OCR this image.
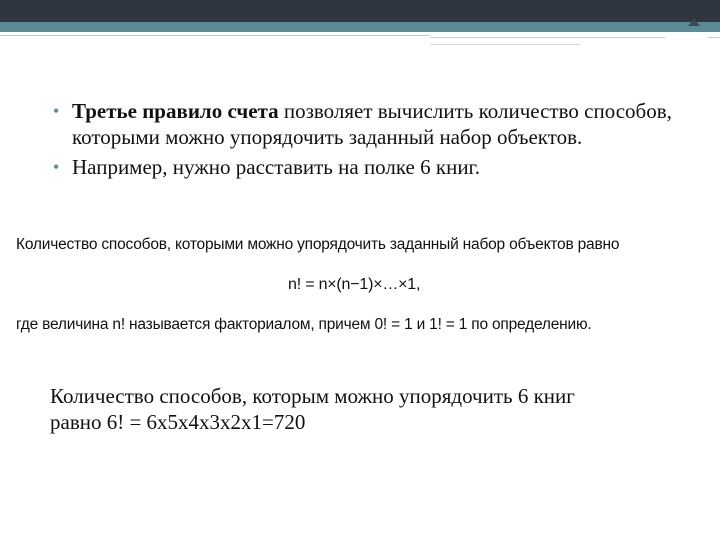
• Третье правило счета позволяет вычислить количество способов, которыми можно упорядочить заданный набор объектов.
• Например, нужно расставить на полке 6 книг.
Количество способов, которыми можно упорядочить заданный набор объектов равно
n! = n×(n−1)×…×1,
где величина n! называется факториалом, причем 0! = 1 и 1! = 1 по определению.
Количество способов, которым можно упорядочить 6 книг
равно 6! = 6х5х4х3х2х1=720
